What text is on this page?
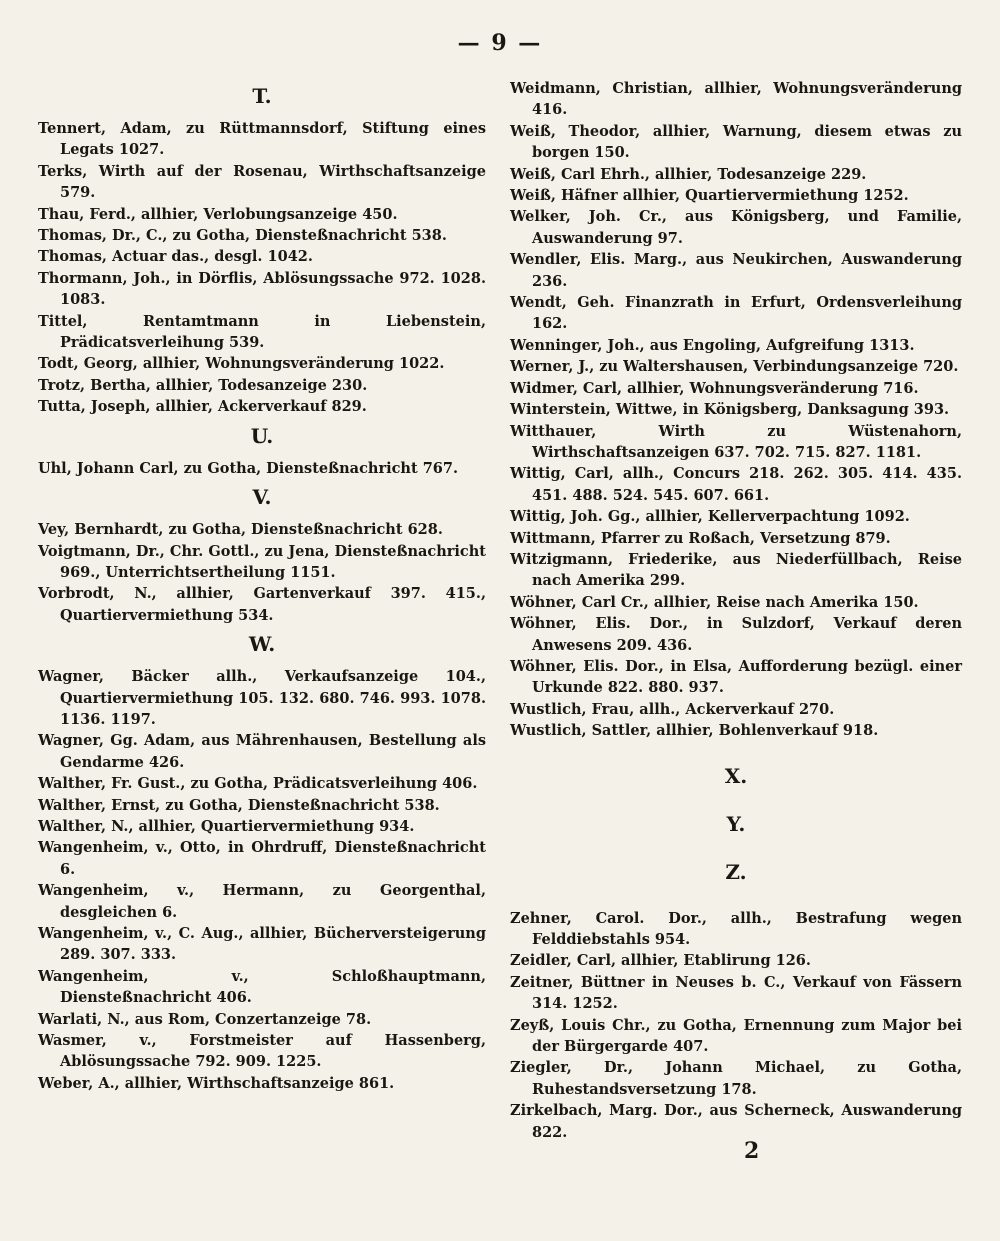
— 9 —
T.

Tennert, Adam, zu Rüttmannsdorf, Stiftung eines Legats 1027.

Terks, Wirth auf der Rosenau, Wirthschaftsanzeige 579.

Thau, Ferd., allhier, Verlobungsanzeige 450.

Thomas, Dr., C., zu Gotha, Diensteßnachricht 538.

Thomas, Actuar das., desgl. 1042.

Thormann, Joh., in Dörflis, Ablösungssache 972. 1028. 1083.

Tittel, Rentamtmann in Liebenstein, Prädicatsverleihung 539.

Todt, Georg, allhier, Wohnungsveränderung 1022.

Trotz, Bertha, allhier, Todesanzeige 230.

Tutta, Joseph, allhier, Ackerverkauf 829.

U.

Uhl, Johann Carl, zu Gotha, Diensteßnachricht 767.

V.

Vey, Bernhardt, zu Gotha, Diensteßnachricht 628.

Voigtmann, Dr., Chr. Gottl., zu Jena, Diensteßnachricht 969., Unterrichtsertheilung 1151.

Vorbrodt, N., allhier, Gartenverkauf 397. 415., Quartiervermiethung 534.

W.

Wagner, Bäcker allh., Verkaufsanzeige 104., Quartiervermiethung 105. 132. 680. 746. 993. 1078. 1136. 1197.

Wagner, Gg. Adam, aus Mährenhausen, Bestellung als Gendarme 426.

Walther, Fr. Gust., zu Gotha, Prädicatsverleihung 406.

Walther, Ernst, zu Gotha, Diensteßnachricht 538.

Walther, N., allhier, Quartiervermiethung 934.

Wangenheim, v., Otto, in Ohrdruff, Diensteßnachricht 6.

Wangenheim, v., Hermann, zu Georgenthal, desgleichen 6.

Wangenheim, v., C. Aug., allhier, Bücherversteigerung 289. 307. 333.

Wangenheim, v., Schloßhauptmann, Diensteßnachricht 406.

Warlati, N., aus Rom, Conzertanzeige 78.

Wasmer, v., Forstmeister auf Hassenberg, Ablösungssache 792. 909. 1225.

Weber, A., allhier, Wirthschaftsanzeige 861.

Weidmann, Christian, allhier, Wohnungsveränderung 416.

Weiß, Theodor, allhier, Warnung, diesem etwas zu borgen 150.

Weiß, Carl Ehrh., allhier, Todesanzeige 229.

Weiß, Häfner allhier, Quartiervermiethung 1252.

Welker, Joh. Cr., aus Königsberg, und Familie, Auswanderung 97.

Wendler, Elis. Marg., aus Neukirchen, Auswanderung 236.

Wendt, Geh. Finanzrath in Erfurt, Ordensverleihung 162.

Wenninger, Joh., aus Engoling, Aufgreifung 1313.

Werner, J., zu Waltershausen, Verbindungsanzeige 720.

Widmer, Carl, allhier, Wohnungsveränderung 716.

Winterstein, Wittwe, in Königsberg, Danksagung 393.

Witthauer, Wirth zu Wüstenahorn, Wirthschaftsanzeigen 637. 702. 715. 827. 1181.

Wittig, Carl, allh., Concurs 218. 262. 305. 414. 435. 451. 488. 524. 545. 607. 661.

Wittig, Joh. Gg., allhier, Kellerverpachtung 1092.

Wittmann, Pfarrer zu Roßach, Versetzung 879.

Witzigmann, Friederike, aus Niederfüllbach, Reise nach Amerika 299.

Wöhner, Carl Cr., allhier, Reise nach Amerika 150.

Wöhner, Elis. Dor., in Sulzdorf, Verkauf deren Anwesens 209. 436.

Wöhner, Elis. Dor., in Elsa, Aufforderung bezügl. einer Urkunde 822. 880. 937.

Wustlich, Frau, allh., Ackerverkauf 270.

Wustlich, Sattler, allhier, Bohlenverkauf 918.

X.
Y.
Z.

Zehner, Carol. Dor., allh., Bestrafung wegen Felddiebstahls 954.

Zeidler, Carl, allhier, Etablirung 126.

Zeitner, Büttner in Neuses b. C., Verkauf von Fässern 314. 1252.

Zeyß, Louis Chr., zu Gotha, Ernennung zum Major bei der Bürgergarde 407.

Ziegler, Dr., Johann Michael, zu Gotha, Ruhestandsversetzung 178.

Zirkelbach, Marg. Dor., aus Scherneck, Auswanderung 822.

2
